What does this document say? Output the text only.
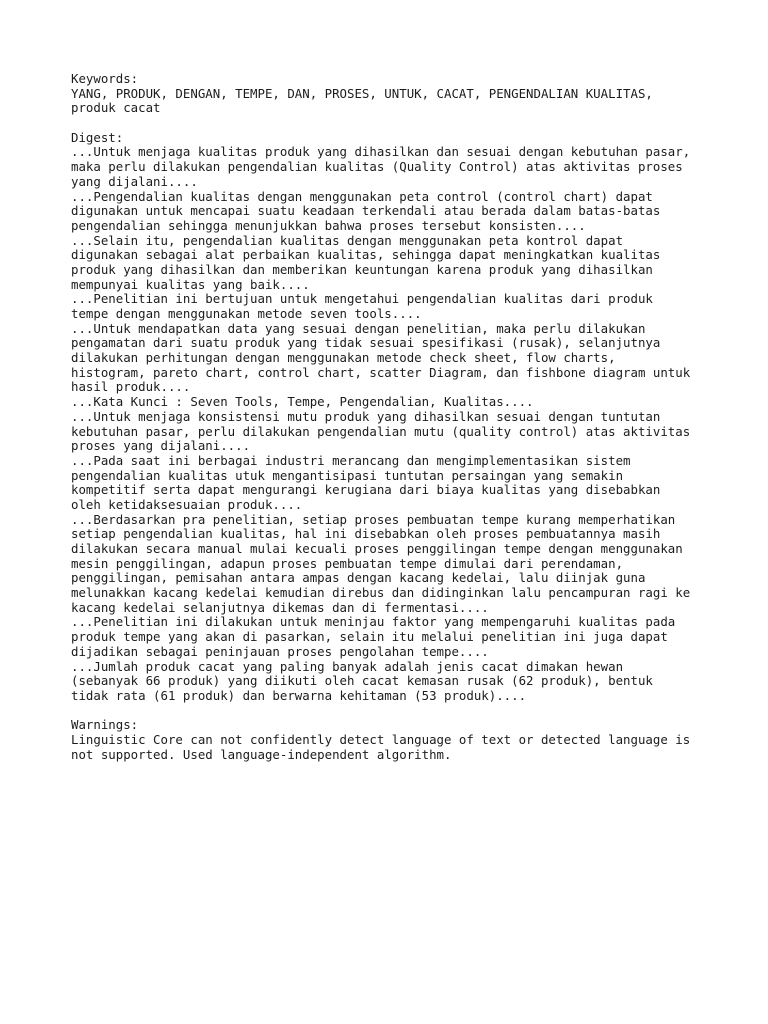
Keywords:
YANG, PRODUK, DENGAN, TEMPE, DAN, PROSES, UNTUK, CACAT, PENGENDALIAN KUALITAS,
produk cacat
Digest:
...Untuk menjaga kualitas produk yang dihasilkan dan sesuai dengan kebutuhan pasar,
maka perlu dilakukan pengendalian kualitas (Quality Control) atas aktivitas proses
yang dijalani....
...Pengendalian kualitas dengan menggunakan peta control (control chart) dapat
digunakan untuk mencapai suatu keadaan terkendali atau berada dalam batas-batas
pengendalian sehingga menunjukkan bahwa proses tersebut konsisten....
...Selain itu, pengendalian kualitas dengan menggunakan peta kontrol dapat
digunakan sebagai alat perbaikan kualitas, sehingga dapat meningkatkan kualitas
produk yang dihasilkan dan memberikan keuntungan karena produk yang dihasilkan
mempunyai kualitas yang baik....
...Penelitian ini bertujuan untuk mengetahui pengendalian kualitas dari produk
tempe dengan menggunakan metode seven tools....
...Untuk mendapatkan data yang sesuai dengan penelitian, maka perlu dilakukan
pengamatan dari suatu produk yang tidak sesuai spesifikasi (rusak), selanjutnya
dilakukan perhitungan dengan menggunakan metode check sheet, flow charts,
histogram, pareto chart, control chart, scatter Diagram, dan fishbone diagram untuk
hasil produk....
...Kata Kunci : Seven Tools, Tempe, Pengendalian, Kualitas....
...Untuk menjaga konsistensi mutu produk yang dihasilkan sesuai dengan tuntutan
kebutuhan pasar, perlu dilakukan pengendalian mutu (quality control) atas aktivitas
proses yang dijalani....
...Pada saat ini berbagai industri merancang dan mengimplementasikan sistem
pengendalian kualitas utuk mengantisipasi tuntutan persaingan yang semakin
kompetitif serta dapat mengurangi kerugiana dari biaya kualitas yang disebabkan
oleh ketidaksesuaian produk....
...Berdasarkan pra penelitian, setiap proses pembuatan tempe kurang memperhatikan
setiap pengendalian kualitas, hal ini disebabkan oleh proses pembuatannya masih
dilakukan secara manual mulai kecuali proses penggilingan tempe dengan menggunakan
mesin penggilingan, adapun proses pembuatan tempe dimulai dari perendaman,
penggilingan, pemisahan antara ampas dengan kacang kedelai, lalu diinjak guna
melunakkan kacang kedelai kemudian direbus dan didinginkan lalu pencampuran ragi ke
kacang kedelai selanjutnya dikemas dan di fermentasi....
...Penelitian ini dilakukan untuk meninjau faktor yang mempengaruhi kualitas pada
produk tempe yang akan di pasarkan, selain itu melalui penelitian ini juga dapat
dijadikan sebagai peninjauan proses pengolahan tempe....
...Jumlah produk cacat yang paling banyak adalah jenis cacat dimakan hewan
(sebanyak 66 produk) yang diikuti oleh cacat kemasan rusak (62 produk), bentuk
tidak rata (61 produk) dan berwarna kehitaman (53 produk)....
Warnings:
Linguistic Core can not confidently detect language of text or detected language is
not supported. Used language-independent algorithm.
